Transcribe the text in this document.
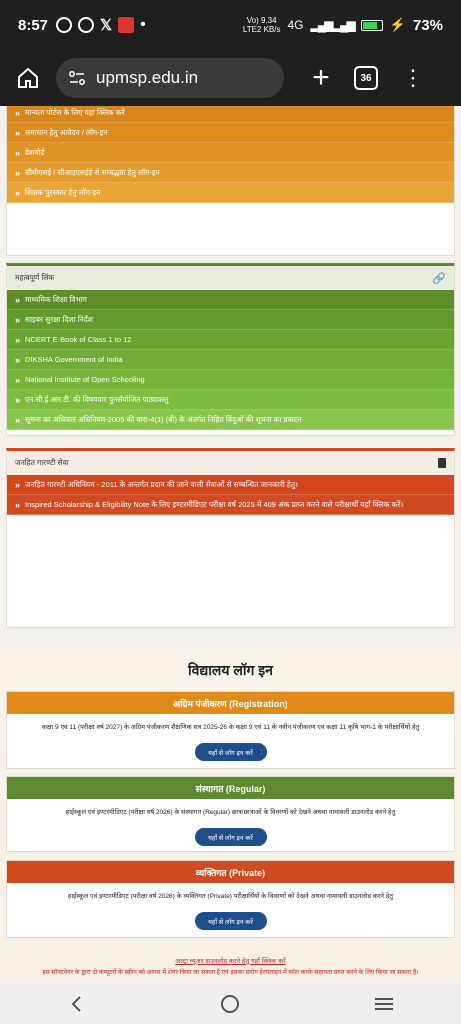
8:57	𝕏 •	Vo) 9.34
LTE2 KB/s 4G ▂▄▆ ▂▄▆	⚡ 73%
upmsp.edu.in	+	36 ⋮
» मान्यता पोर्टल के लिए यहां क्लिक करें
» समाधान हेतु आवेदन / लॉग-इन
» डेशबोर्ड
» सीबीएसई / सीआइएसईई से सम्बद्धता हेतु लॉग-इन
» शिक्षक पुरस्कार हेतु लॉग-इन
महत्वपूर्ण लिंक	🔗
» माध्यमिक शिक्षा विभाग
» साइबर सुरक्षा दिशा निर्देश
» NCERT E-Book of Class 1 to 12
» DIKSHA Government of India
» National Institute of Open Schooling
» एन.सी.ई.आर.टी. की विषयवार पुनर्संयोजित पाठ्यवस्तु
» सूचना का अधिकार अधिनियम-2005 की धारा-4(1) (बी) के अंतर्गत निहित बिंदुओं की सूचना का प्रकटन
जनहित गारण्टी सेवा
» जनहित गारण्टी अधिनियम - 2011 के अन्तर्गत प्रदान की जाने वाली सेवाओं से सम्बन्धित जानकारी हेतु।
» Inspired Scholarship & Eligibility Note के लिए इण्टरमीडिएट परीक्षा वर्ष 2025 में 409 अंक प्राप्त करने वाले परीक्षार्थी यहाँ क्लिक करें।
विद्यालय लॉग इन
अग्रिम पंजीकरण (Registration)
कक्षा 9 एवं 11 (परीक्षा वर्ष 2027) के अग्रिम पंजीकरण शैक्षणिक सत्र 2025-26 के कक्षा 9 एवं 11 के नवीन पंजीकरण एवं कक्षा 11 कृषि भाग-1 के परीक्षार्थियों हेतु
यहाँ से लॉग इन करें
संस्थागत (Regular)
हाईस्कूल एवं इण्टरमीडिएट (परीक्षा वर्ष 2026) के संस्थागत (Regular) छात्र/छात्राओं के विवरणों को देखने अथवा नामावली डाउनलोड करने हेतु
यहाँ से लॉग इन करें
व्यक्तिगत (Private)
हाईस्कूल एवं इण्टरमीडिएट (परीक्षा वर्ष 2026) के व्यक्तिगत (Private) परीक्षार्थियों के विवरणों को देखने अथवा नामावली डाउनलोड करने हेतु
यहाँ से लॉग इन करें
अल्ट्रा व्यूअर डाउनलोड करने हेतु यहाँ क्लिक करें
इस सॉफ्टवेयर के द्वारा दो कंप्यूटरों के स्क्रीन को आपस में शेयर किया जा सकता है एवं इसका प्रयोग हेल्पलाइन में कॉल करके सहायता प्राप्त करने के लिए किया जा सकता है।
